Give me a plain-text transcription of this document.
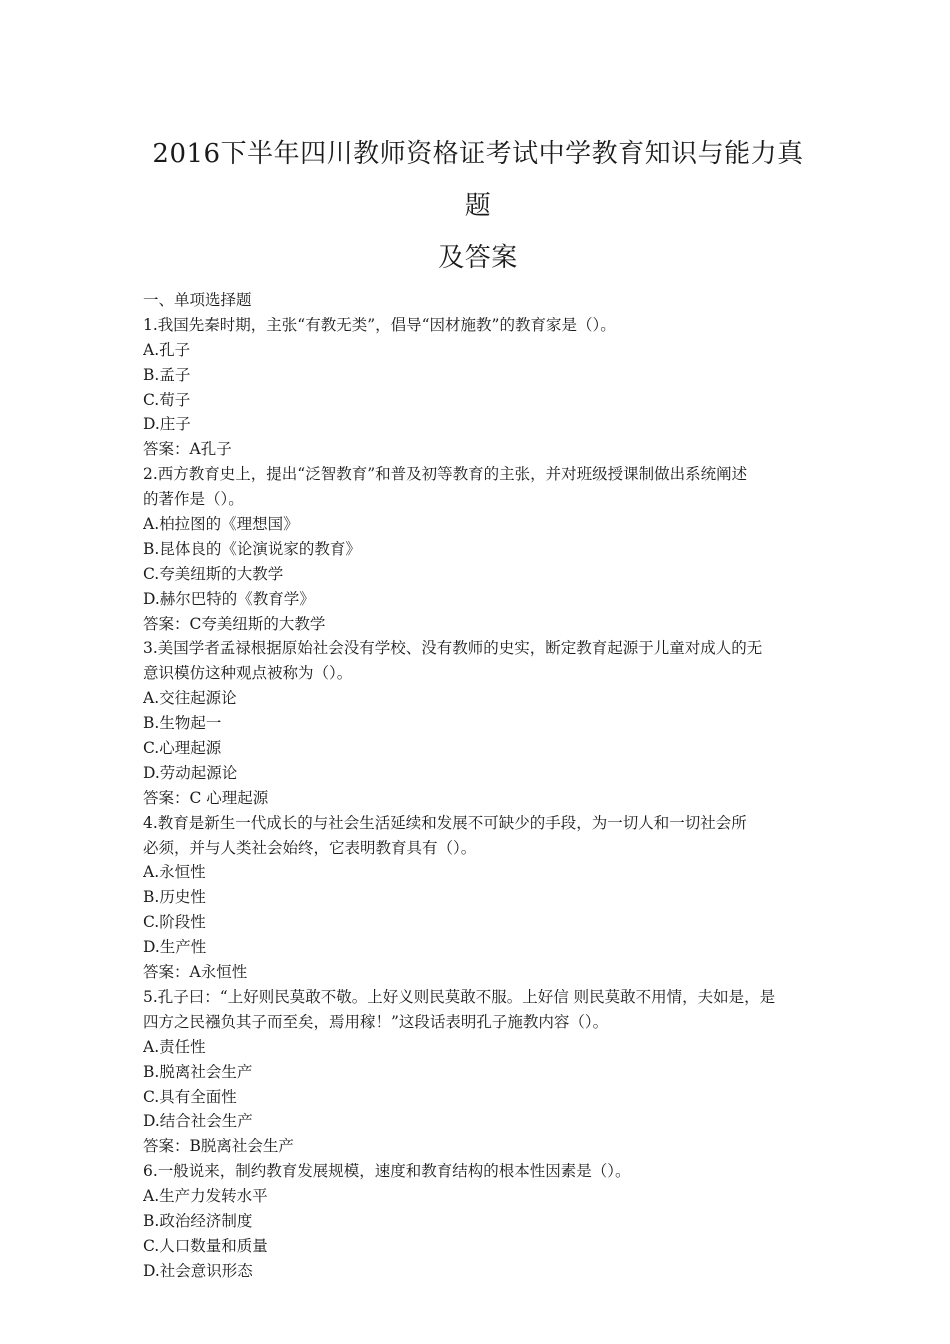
2016下半年四川教师资格证考试中学教育知识与能力真题
及答案
一、单项选择题
1.我国先秦时期，主张“有教无类”，倡导“因材施教”的教育家是（）。
A.孔子
B.孟子
C.荀子
D.庄子
答案：A孔子
2.西方教育史上，提出“泛智教育”和普及初等教育的主张，并对班级授课制做出系统阐述
的著作是（）。
A.柏拉图的《理想国》
B.昆体良的《论演说家的教育》
C.夸美纽斯的大教学
D.赫尔巴特的《教育学》
答案：C夸美纽斯的大教学
3.美国学者孟禄根据原始社会没有学校、没有教师的史实，断定教育起源于儿童对成人的无
意识模仿这种观点被称为（）。
A.交往起源论
B.生物起一
C.心理起源
D.劳动起源论
答案：C 心理起源
4.教育是新生一代成长的与社会生活延续和发展不可缺少的手段，为一切人和一切社会所
必须，并与人类社会始终，它表明教育具有（）。
A.永恒性
B.历史性
C.阶段性
D.生产性
答案：A永恒性
5.孔子曰：“上好则民莫敢不敬。上好义则民莫敢不服。上好信 则民莫敢不用情，夫如是，是
四方之民襁负其子而至矣，焉用稼！”这段话表明孔子施教内容（）。
A.责任性
B.脱离社会生产
C.具有全面性
D.结合社会生产
答案：B脱离社会生产
6.一般说来，制约教育发展规模，速度和教育结构的根本性因素是（）。
A.生产力发转水平
B.政治经济制度
C.人口数量和质量
D.社会意识形态
